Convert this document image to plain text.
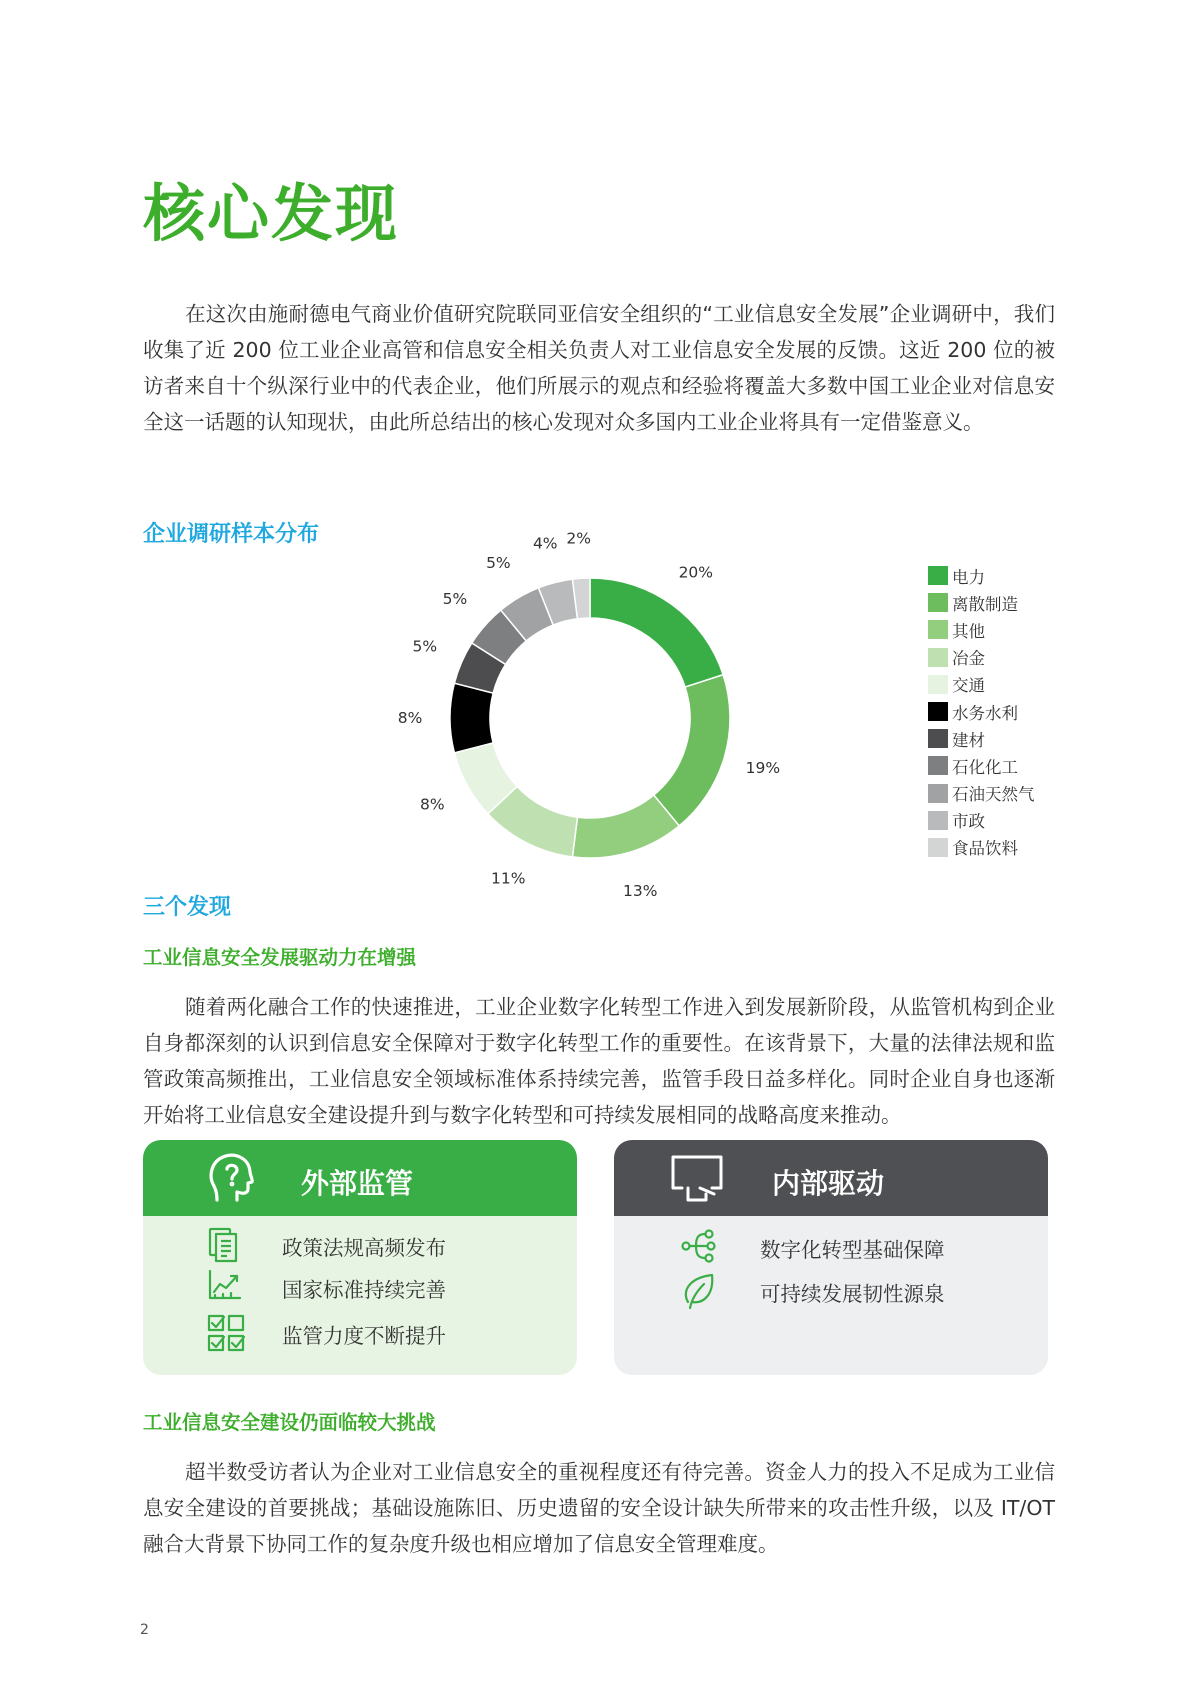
核心发现

在这次由施耐德电气商业价值研究院联同亚信安全组织的“工业信息安全发展”企业调研中，我们收集了近 200 位工业企业高管和信息安全相关负责人对工业信息安全发展的反馈。这近 200 位的被访者来自十个纵深行业中的代表企业，他们所展示的观点和经验将覆盖大多数中国工业企业对信息安全这一话题的认知现状，由此所总结出的核心发现对众多国内工业企业将具有一定借鉴意义。

企业调研样本分布
20%
19%
13%
11%
8%
8%
5%
5%
5%
4% 2%
电力
离散制造
其他
冶金
交通
水务水利
建材
石化化工
石油天然气
市政
食品饮料
三个发现
工业信息安全发展驱动力在增强

随着两化融合工作的快速推进，工业企业数字化转型工作进入到发展新阶段，从监管机构到企业自身都深刻的认识到信息安全保障对于数字化转型工作的重要性。在该背景下，大量的法律法规和监管政策高频推出，工业信息安全领域标准体系持续完善，监管手段日益多样化。同时企业自身也逐渐开始将工业信息安全建设提升到与数字化转型和可持续发展相同的战略高度来推动。

外部监管
政策法规高频发布
国家标准持续完善
监管力度不断提升
内部驱动
数字化转型基础保障
可持续发展韧性源泉
工业信息安全建设仍面临较大挑战

超半数受访者认为企业对工业信息安全的重视程度还有待完善。资金人力的投入不足成为工业信息安全建设的首要挑战；基础设施陈旧、历史遗留的安全设计缺失所带来的攻击性升级，以及 IT/OT 融合大背景下协同工作的复杂度升级也相应增加了信息安全管理难度。

2
